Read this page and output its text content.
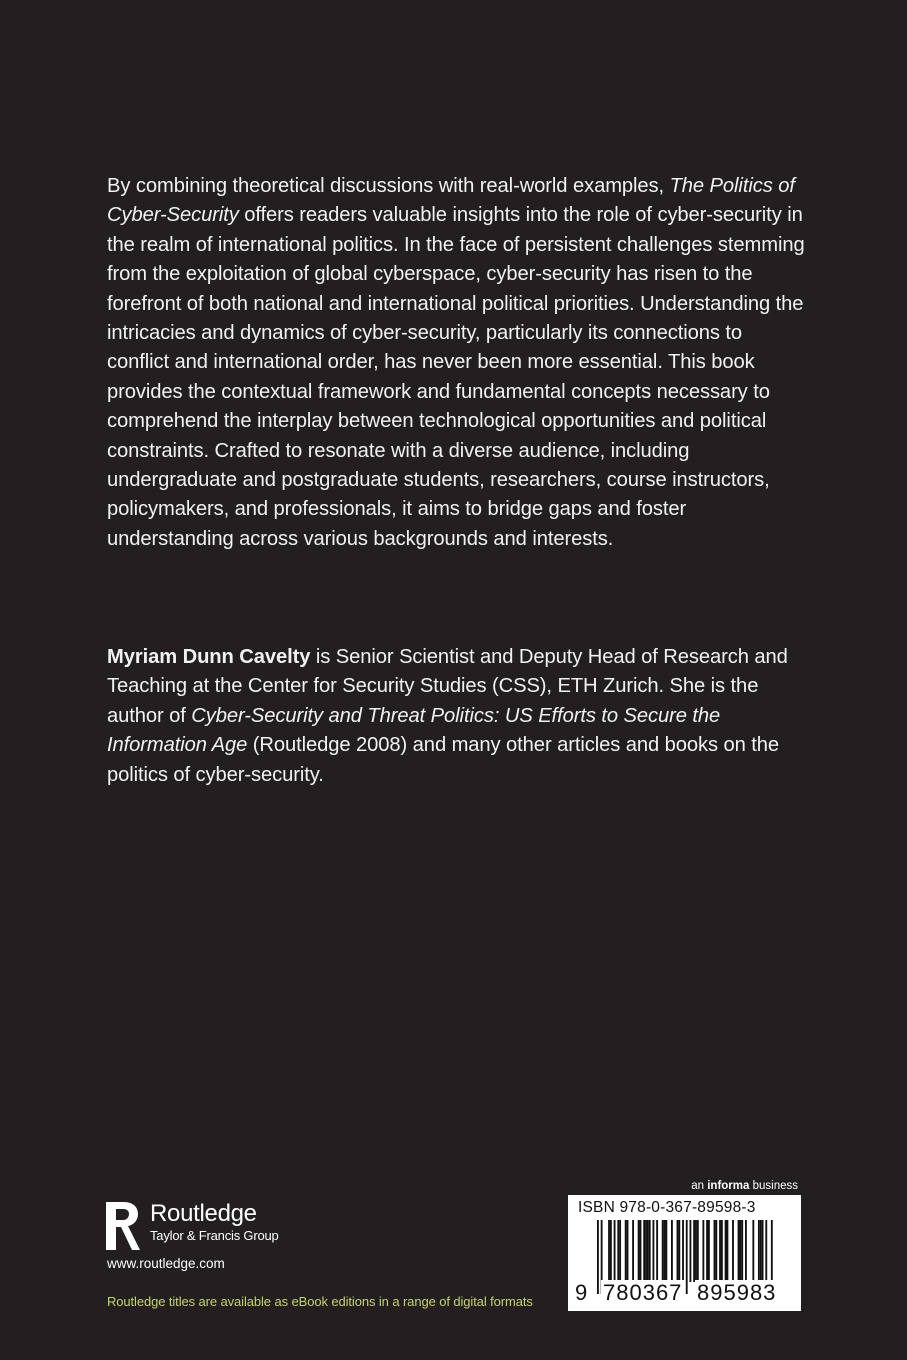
By combining theoretical discussions with real-world examples, The Politics of Cyber-Security offers readers valuable insights into the role of cyber-security in the realm of international politics. In the face of persistent challenges stemming from the exploitation of global cyberspace, cyber-security has risen to the forefront of both national and international political priorities. Understanding the intricacies and dynamics of cyber-security, particularly its connections to conflict and international order, has never been more essential. This book provides the contextual framework and fundamental concepts necessary to comprehend the interplay between technological opportunities and political constraints. Crafted to resonate with a diverse audience, including undergraduate and postgraduate students, researchers, course instructors, policymakers, and professionals, it aims to bridge gaps and foster understanding across various backgrounds and interests.

Myriam Dunn Cavelty is Senior Scientist and Deputy Head of Research and Teaching at the Center for Security Studies (CSS), ETH Zurich. She is the author of Cyber-Security and Threat Politics: US Efforts to Secure the Information Age (Routledge 2008) and many other articles and books on the politics of cyber-security.

Routledge
Taylor & Francis Group
www.routledge.com
Routledge titles are available as eBook editions in a range of digital formats
an informa business
ISBN 978-0-367-89598-3
9 780367 895983
